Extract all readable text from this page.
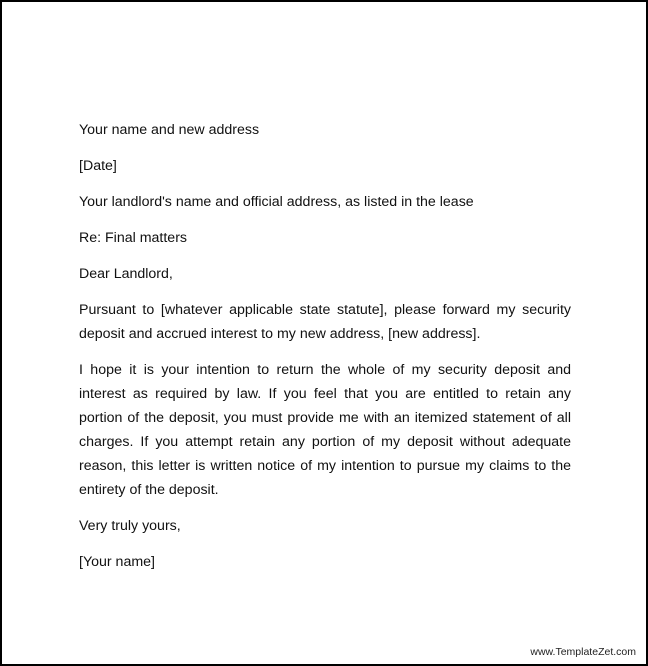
Your name and new address

[Date]

Your landlord's name and official address, as listed in the lease

Re: Final matters

Dear Landlord,

Pursuant to [whatever applicable state statute], please forward my security deposit and accrued interest to my new address, [new address].

I hope it is your intention to return the whole of my security deposit and interest as required by law. If you feel that you are entitled to retain any portion of the deposit, you must provide me with an itemized statement of all charges. If you attempt retain any portion of my deposit without adequate reason, this letter is written notice of my intention to pursue my claims to the entirety of the deposit.

Very truly yours,

[Your name]

www.TemplateZet.com
